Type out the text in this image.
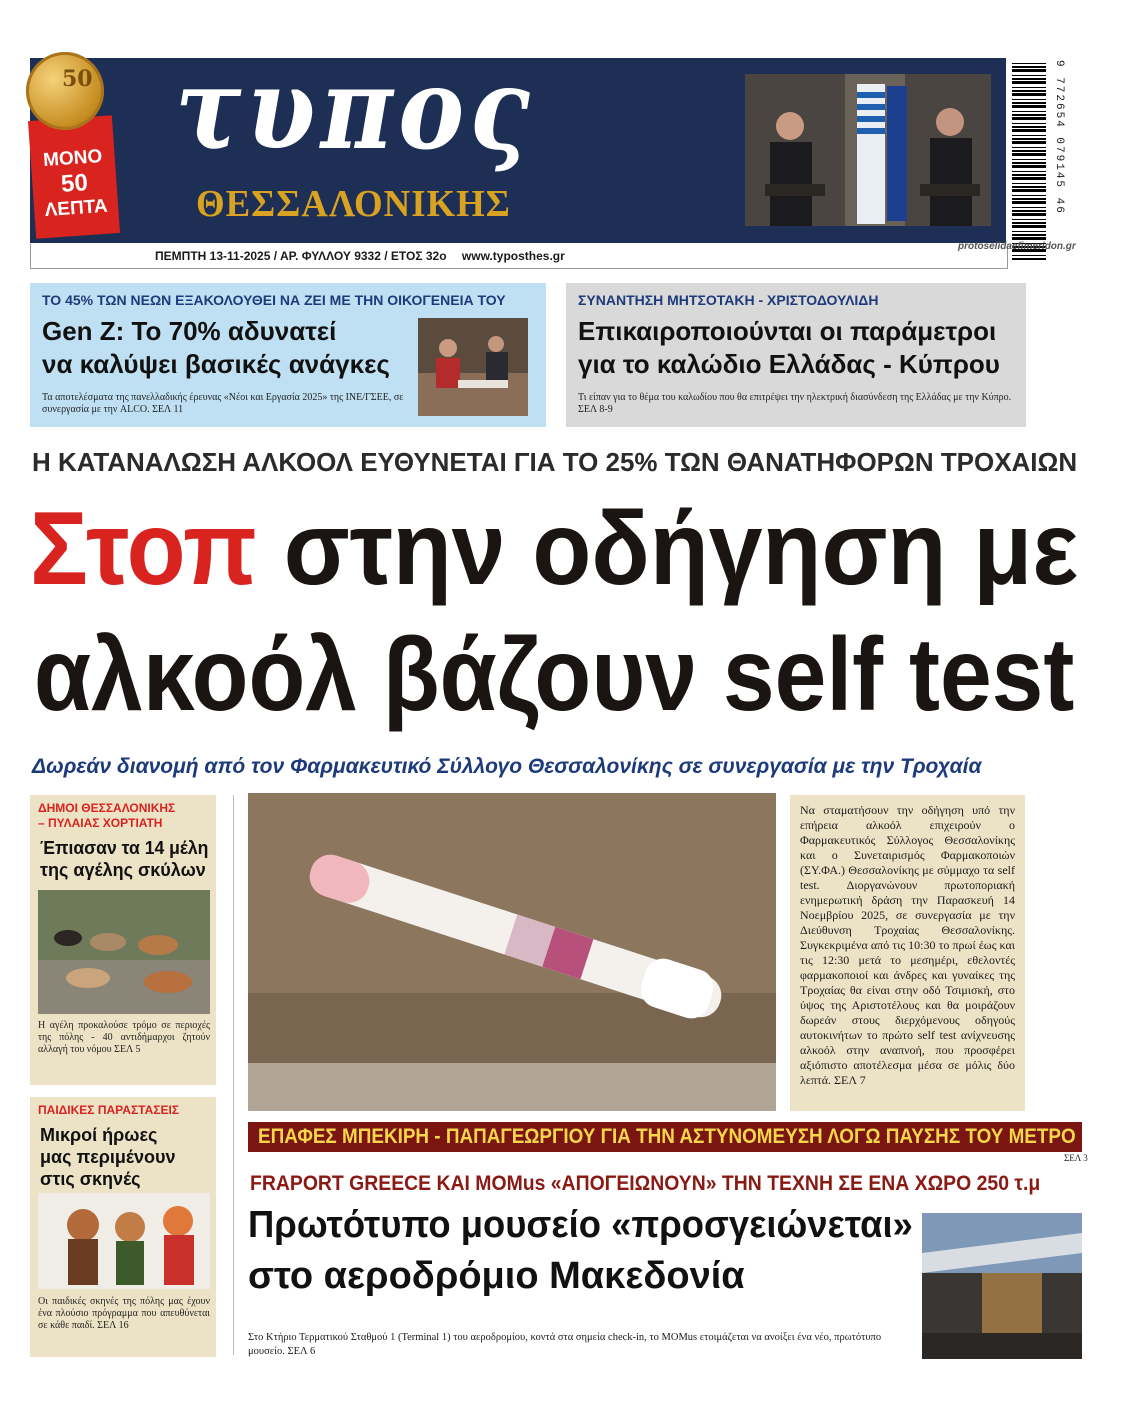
τυπος
ΘΕΣΣΑΛΟΝΙΚΗΣ
ΜΟΝΟ
50
ΛΕΠΤΑ
50	9 772654 079145 46
ΠΕΜΠΤΗ 13-11-2025 / ΑΡ. ΦΥΛΛΟΥ 9332 / ΕΤΟΣ 32ο www.typosthes.gr
protoselidaefimeridon.gr
ΤΟ 45% ΤΩΝ ΝΕΩΝ ΕΞΑΚΟΛΟΥΘΕΙ ΝΑ ΖΕΙ ΜΕ ΤΗΝ ΟΙΚΟΓΕΝΕΙΑ ΤΟΥ
Gen Z: Το 70% αδυνατεί
να καλύψει βασικές ανάγκες
Τα αποτελέσματα της πανελλαδικής έρευνας «Νέοι και Εργασία 2025» της ΙΝΕ/ΓΣΕΕ, σε συνεργασία με την ALCO. ΣΕΛ 11
ΣΥΝΑΝΤΗΣΗ ΜΗΤΣΟΤΑΚΗ - ΧΡΙΣΤΟΔΟΥΛΙΔΗ
Επικαιροποιούνται οι παράμετροι
για το καλώδιο Ελλάδας - Κύπρου
Τι είπαν για το θέμα του καλωδίου που θα επιτρέψει την ηλεκτρική διασύνδεση της Ελλάδας με την Κύπρο. ΣΕΛ 8-9
Η ΚΑΤΑΝΑΛΩΣΗ ΑΛΚΟΟΛ ΕΥΘΥΝΕΤΑΙ ΓΙΑ ΤΟ 25% ΤΩΝ ΘΑΝΑΤΗΦΟΡΩΝ ΤΡΟΧΑΙΩΝ
Στοπ στην οδήγηση με
αλκοόλ βάζουν self test
Δωρεάν διανομή από τον Φαρμακευτικό Σύλλογο Θεσσαλονίκης σε συνεργασία με την Τροχαία
ΔΗΜΟΙ ΘΕΣΣΑΛΟΝΙΚΗΣ
– ΠΥΛΑΙΑΣ ΧΟΡΤΙΑΤΗ
Έπιασαν τα 14 μέλη
της αγέλης σκύλων
Η αγέλη προκαλούσε τρόμο σε περιοχές της πόλης - 40 αντιδήμαρχοι ζητούν αλλαγή του νόμου ΣΕΛ 5
ΠΑΙΔΙΚΕΣ ΠΑΡΑΣΤΑΣΕΙΣ
Μικροί ήρωες
μας περιμένουν
στις σκηνές
Οι παιδικές σκηνές της πόλης μας έχουν ένα πλούσιο πρόγραμμα που απευθύνεται σε κάθε παιδί. ΣΕΛ 16

Να σταματήσουν την οδήγηση υπό την επήρεια αλκοόλ επιχειρούν ο Φαρμακευτικός Σύλλογος Θεσσαλονίκης και ο Συνεταιρισμός Φαρμακοποιών (ΣΥ.ΦΑ.) Θεσσαλονίκης με σύμμαχο τα self test. Διοργανώνουν πρωτοποριακή ενημερωτική δράση την Παρασκευή 14 Νοεμβρίου 2025, σε συνεργασία με την Διεύθυνση Τροχαίας Θεσσαλονίκης. Συγκεκριμένα από τις 10:30 το πρωί έως και τις 12:30 μετά το μεσημέρι, εθελοντές φαρμακοποιοί και άνδρες και γυναίκες της Τροχαίας θα είναι στην οδό Τσιμισκή, στο ύψος της Αριστοτέλους και θα μοιράζουν δωρεάν στους διερχόμενους οδηγούς αυτοκινήτων το πρώτο self test ανίχνευσης αλκοόλ στην αναπνοή, που προσφέρει αξιόπιστο αποτέλεσμα μέσα σε μόλις δύο λεπτά. ΣΕΛ 7

ΕΠΑΦΕΣ ΜΠΕΚΙΡΗ - ΠΑΠΑΓΕΩΡΓΙΟΥ ΓΙΑ ΤΗΝ ΑΣΤΥΝΟΜΕΥΣΗ ΛΟΓΩ ΠΑΥΣΗΣ ΤΟΥ ΜΕΤΡΟ
ΣΕΛ 3
FRAPORT GREECE ΚΑΙ MOMus «ΑΠΟΓΕΙΩΝΟΥΝ» ΤΗΝ ΤΕΧΝΗ ΣΕ ΕΝΑ ΧΩΡΟ 250 τ.μ
Πρωτότυπο μουσείο «προσγειώνεται»
στο αεροδρόμιο Μακεδονία
Στο Κτήριο Τερματικού Σταθμού 1 (Terminal 1) του αεροδρομίου, κοντά στα σημεία check-in, το MOMus ετοιμάζεται να ανοίξει ένα νέο, πρωτότυπο μουσείο. ΣΕΛ 6
